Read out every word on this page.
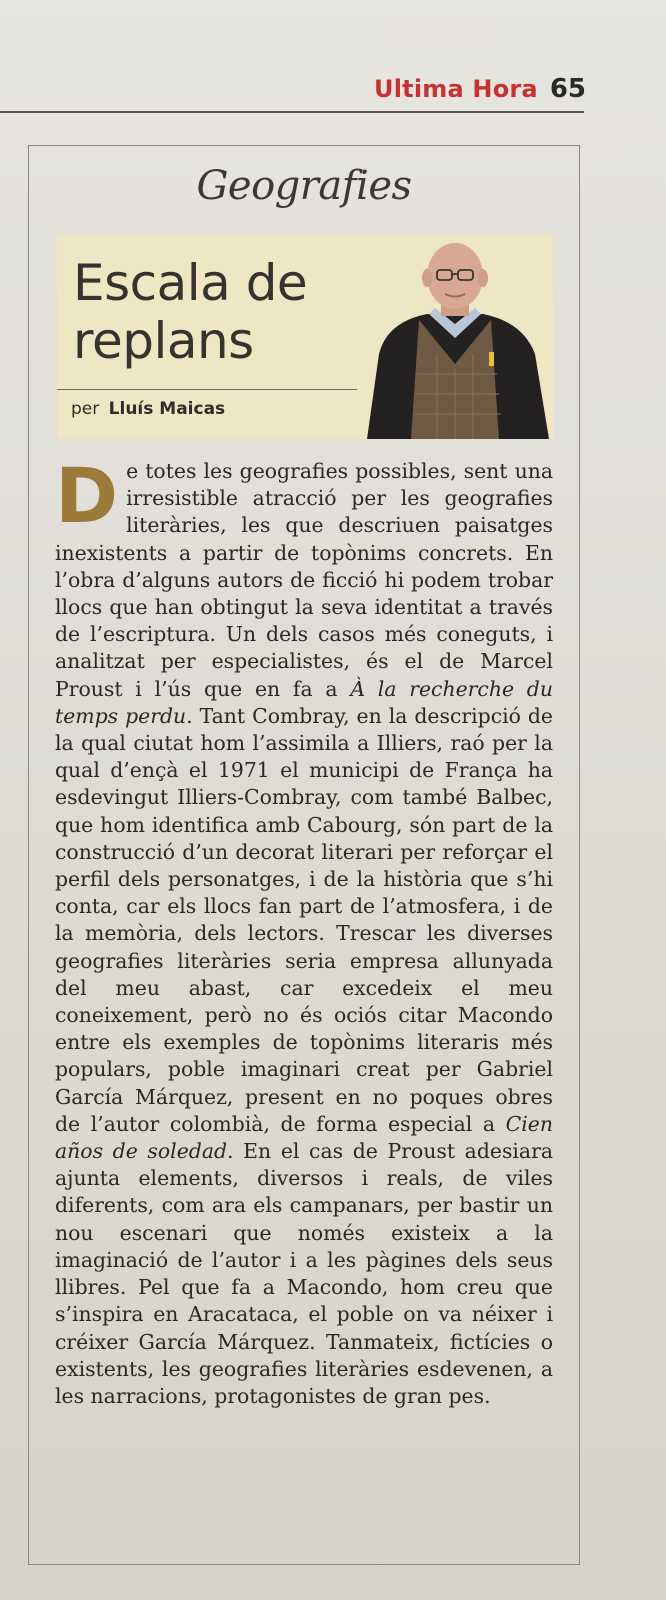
Ultima Hora 65
Geografies
Escala de
replans
per Lluís Maicas
De totes les geografies possibles, sent una irresistible atracció per les geografies literàries, les que descriuen paisatges inexistents a partir de topònims concrets. En l’obra d’alguns autors de ficció hi podem trobar llocs que han obtingut la seva identitat a través de l’escriptura. Un dels casos més coneguts, i analitzat per especialistes, és el de Marcel Proust i l’ús que en fa a À la recherche du temps perdu. Tant Combray, en la descripció de la qual ciutat hom l’assimila a Illiers, raó per la qual d’ençà el 1971 el municipi de França ha esdevingut Illiers-Combray, com també Balbec, que hom identifica amb Cabourg, són part de la construcció d’un decorat literari per reforçar el perfil dels personatges, i de la història que s’hi conta, car els llocs fan part de l’atmosfera, i de la memòria, dels lectors. Trescar les diverses geografies literàries seria empresa allunyada del meu abast, car excedeix el meu coneixement, però no és ociós citar Macondo entre els exemples de topònims literaris més populars, poble imaginari creat per Gabriel García Márquez, present en no poques obres de l’autor colombià, de forma especial a Cien años de soledad. En el cas de Proust adesiara ajunta elements, diversos i reals, de viles diferents, com ara els campanars, per bastir un nou escenari que només existeix a la imaginació de l’autor i a les pàgines dels seus llibres. Pel que fa a Macondo, hom creu que s’inspira en Aracataca, el poble on va néixer i créixer García Márquez. Tanmateix, fictícies o existents, les geografies literàries esdevenen, a les narracions, protagonistes de gran pes.
